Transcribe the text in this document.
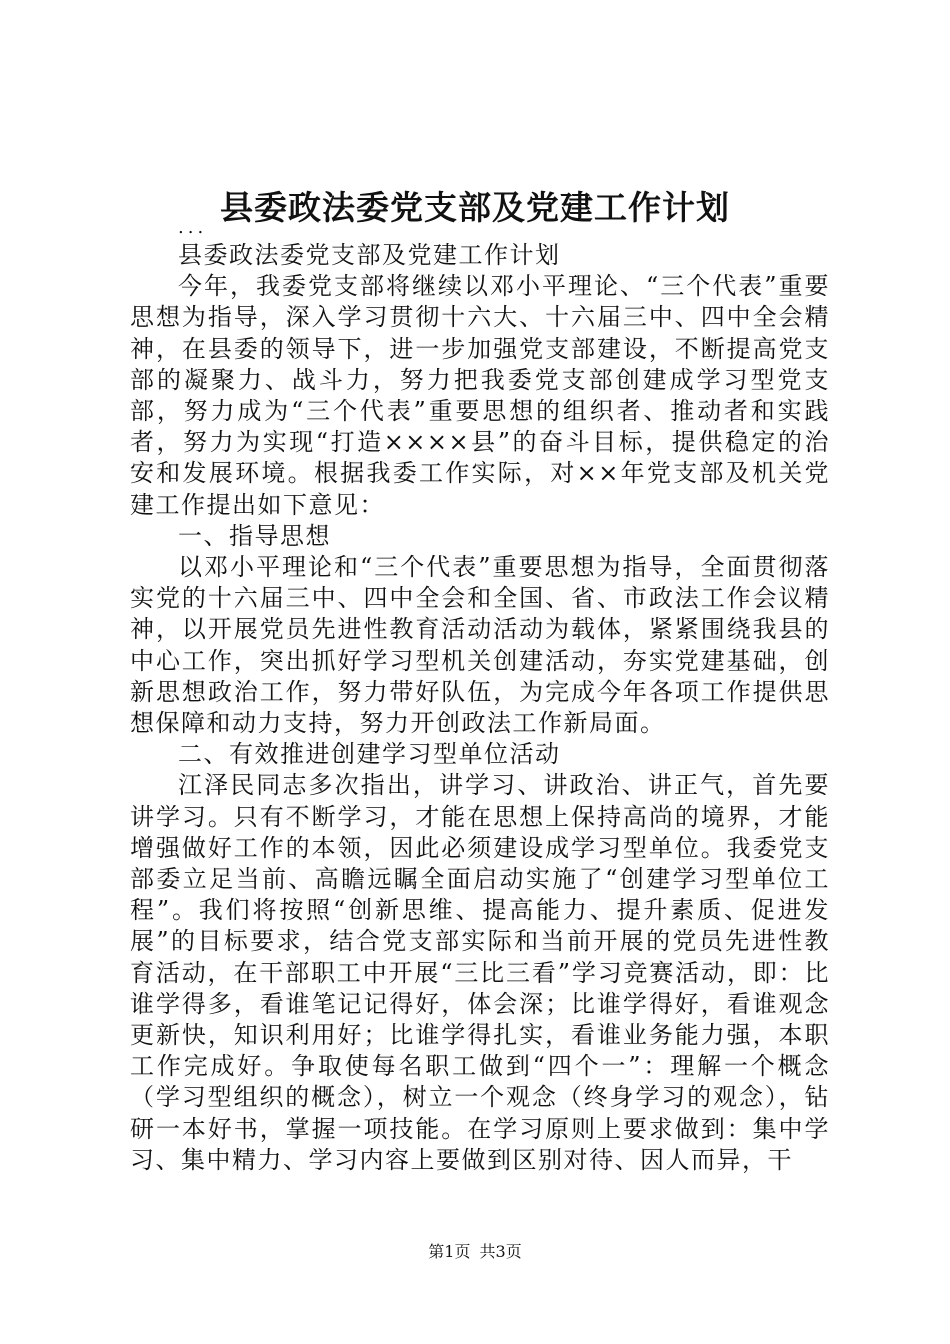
县委政法委党支部及党建工作计划
...

县委政法委党支部及党建工作计划

今年，我委党支部将继续以邓小平理论、“三个代表”重要思想为指导，深入学习贯彻十六大、十六届三中、四中全会精神，在县委的领导下，进一步加强党支部建设，不断提高党支部的凝聚力、战斗力，努力把我委党支部创建成学习型党支部，努力成为“三个代表”重要思想的组织者、推动者和实践者，努力为实现“打造××××县”的奋斗目标，提供稳定的治安和发展环境。根据我委工作实际，对××年党支部及机关党建工作提出如下意见：

一、指导思想

以邓小平理论和“三个代表”重要思想为指导，全面贯彻落实党的十六届三中、四中全会和全国、省、市政法工作会议精神，以开展党员先进性教育活动活动为载体，紧紧围绕我县的中心工作，突出抓好学习型机关创建活动，夯实党建基础，创新思想政治工作，努力带好队伍，为完成今年各项工作提供思想保障和动力支持，努力开创政法工作新局面。

二、有效推进创建学习型单位活动

江泽民同志多次指出，讲学习、讲政治、讲正气，首先要讲学习。只有不断学习，才能在思想上保持高尚的境界，才能增强做好工作的本领，因此必须建设成学习型单位。我委党支部委立足当前、高瞻远瞩全面启动实施了“创建学习型单位工程”。我们将按照“创新思维、提高能力、提升素质、促进发展”的目标要求，结合党支部实际和当前开展的党员先进性教育活动，在干部职工中开展“三比三看”学习竞赛活动，即：比谁学得多，看谁笔记记得好，体会深；比谁学得好，看谁观念更新快，知识利用好；比谁学得扎实，看谁业务能力强，本职工作完成好。争取使每名职工做到“四个一”：理解一个概念（学习型组织的概念），树立一个观念（终身学习的观念），钻研一本好书，掌握一项技能。在学习原则上要求做到：集中学习、集中精力、学习内容上要做到区别对待、因人而异，干

第1页 共3页
